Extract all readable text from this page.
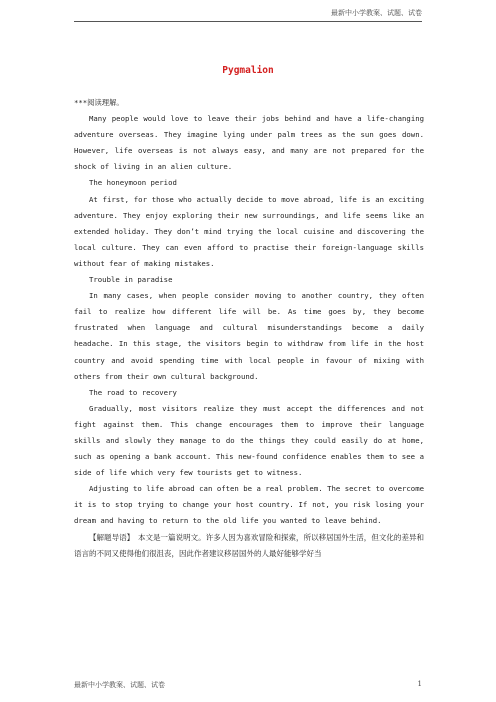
最新中小学教案、试题、试卷
Pygmalion

***阅读理解。

Many people would love to leave their jobs behind and have a life-changing adventure overseas. They imagine lying under palm trees as the sun goes down. However, life overseas is not always easy, and many are not prepared for the shock of living in an alien culture.

The honeymoon period

At first, for those who actually decide to move abroad, life is an exciting adventure. They enjoy exploring their new surroundings, and life seems like an extended holiday. They don’t mind trying the local cuisine and discovering the local culture. They can even afford to practise their foreign-language skills without fear of making mistakes.

Trouble in paradise

In many cases, when people consider moving to another country, they often fail to realize how different life will be. As time goes by, they become frustrated when language and cultural misunderstandings become a daily headache. In this stage, the visitors begin to withdraw from life in the host country and avoid spending time with local people in favour of mixing with others from their own cultural background.

The road to recovery

Gradually, most visitors realize they must accept the differences and not fight against them. This change encourages them to improve their language skills and slowly they manage to do the things they could easily do at home, such as opening a bank account. This new-found confidence enables them to see a side of life which very few tourists get to witness.

Adjusting to life abroad can often be a real problem. The secret to overcome it is to stop trying to change your host country. If not, you risk losing your dream and having to return to the old life you wanted to leave behind.

【解题导语】　本文是一篇说明文。许多人因为喜欢冒险和探索，所以移居国外生活，但文化的差异和语言的不同又使得他们很沮丧，因此作者建议移居国外的人最好能够学好当

最新中小学教案、试题、试卷	1
